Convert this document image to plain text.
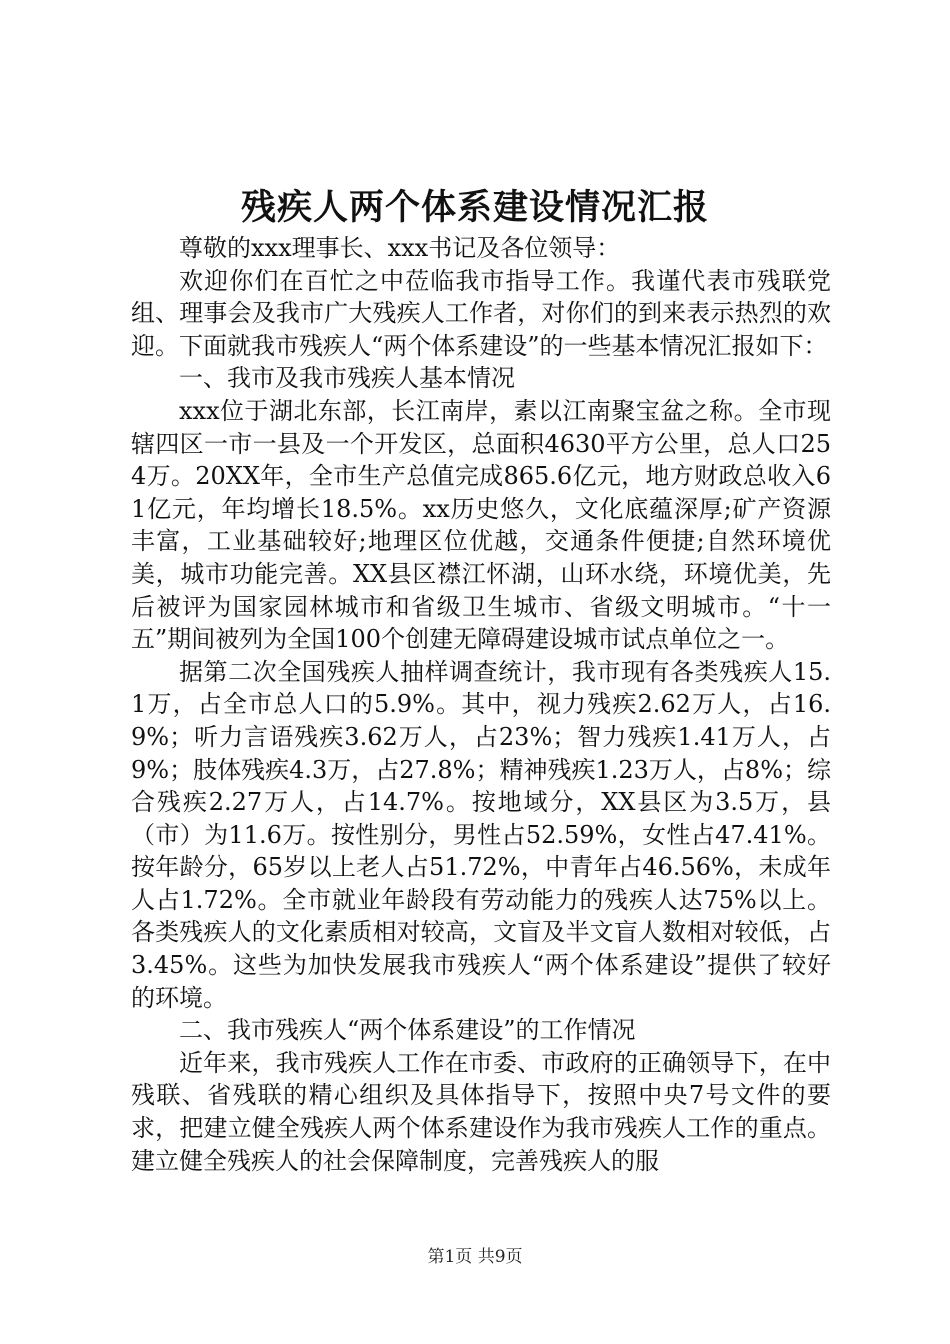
残疾人两个体系建设情况汇报

尊敬的xxx理事长、xxx书记及各位领导：

欢迎你们在百忙之中莅临我市指导工作。我谨代表市残联党组、理事会及我市广大残疾人工作者，对你们的到来表示热烈的欢迎。下面就我市残疾人“两个体系建设”的一些基本情况汇报如下：

一、我市及我市残疾人基本情况

xxx位于湖北东部，长江南岸，素以江南聚宝盆之称。全市现辖四区一市一县及一个开发区，总面积4630平方公里，总人口254万。20XX年，全市生产总值完成865.6亿元，地方财政总收入61亿元，年均增长18.5%。xx历史悠久，文化底蕴深厚;矿产资源丰富，工业基础较好;地理区位优越，交通条件便捷;自然环境优美，城市功能完善。XX县区襟江怀湖，山环水绕，环境优美，先后被评为国家园林城市和省级卫生城市、省级文明城市。“十一五”期间被列为全国100个创建无障碍建设城市试点单位之一。

据第二次全国残疾人抽样调查统计，我市现有各类残疾人15.1万，占全市总人口的5.9%。其中，视力残疾2.62万人，占16.9%；听力言语残疾3.62万人，占23%；智力残疾1.41万人，占9%；肢体残疾4.3万，占27.8%；精神残疾1.23万人，占8%；综合残疾2.27万人，占14.7%。按地域分，XX县区为3.5万，县（市）为11.6万。按性别分，男性占52.59%，女性占47.41%。按年龄分，65岁以上老人占51.72%，中青年占46.56%，未成年人占1.72%。全市就业年龄段有劳动能力的残疾人达75%以上。各类残疾人的文化素质相对较高，文盲及半文盲人数相对较低，占3.45%。这些为加快发展我市残疾人“两个体系建设”提供了较好的环境。

二、我市残疾人“两个体系建设”的工作情况

近年来，我市残疾人工作在市委、市政府的正确领导下，在中残联、省残联的精心组织及具体指导下，按照中央7号文件的要求，把建立健全残疾人两个体系建设作为我市残疾人工作的重点。建立健全残疾人的社会保障制度，完善残疾人的服

第1页 共9页
